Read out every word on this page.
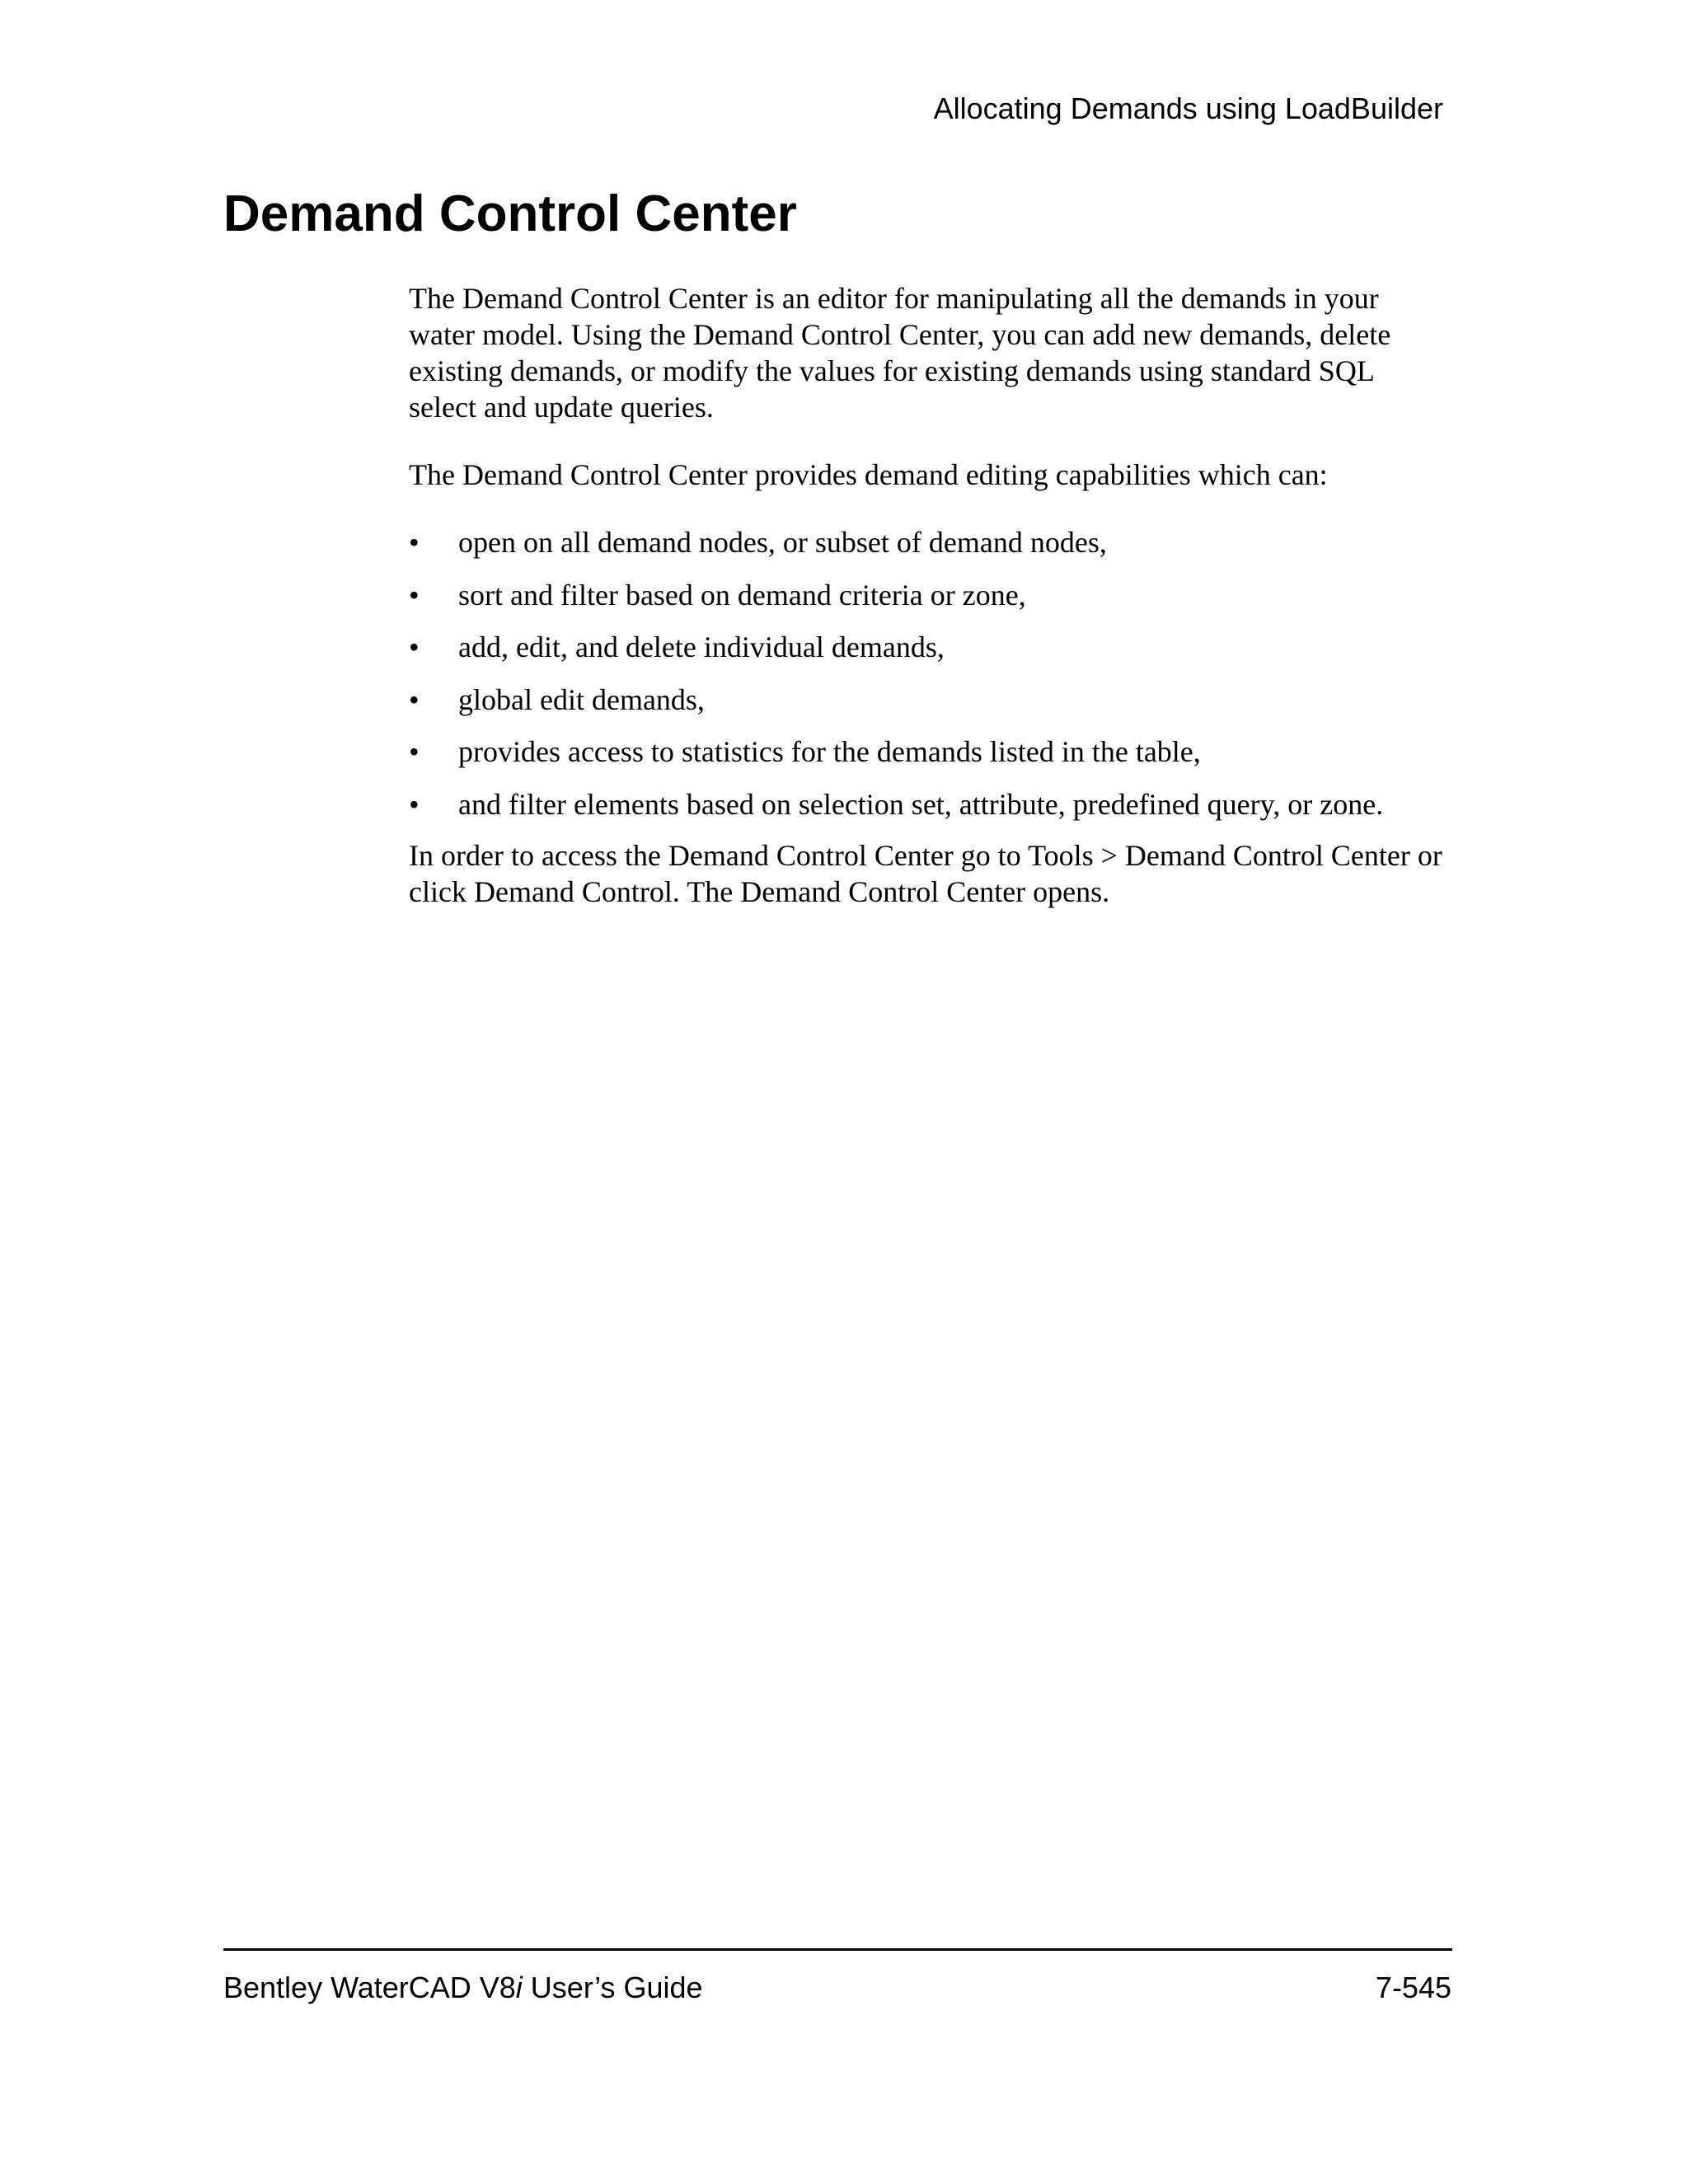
Allocating Demands using LoadBuilder
Demand Control Center

The Demand Control Center is an editor for manipulating all the demands in your water model. Using the Demand Control Center, you can add new demands, delete existing demands, or modify the values for existing demands using standard SQL select and update queries.

The Demand Control Center provides demand editing capabilities which can:

• open on all demand nodes, or subset of demand nodes,
• sort and filter based on demand criteria or zone,
• add, edit, and delete individual demands,
• global edit demands,
• provides access to statistics for the demands listed in the table,
• and filter elements based on selection set, attribute, predefined query, or zone.

In order to access the Demand Control Center go to Tools > Demand Control Center or click Demand Control. The Demand Control Center opens.

Bentley WaterCAD V8i User’s Guide	7-545
